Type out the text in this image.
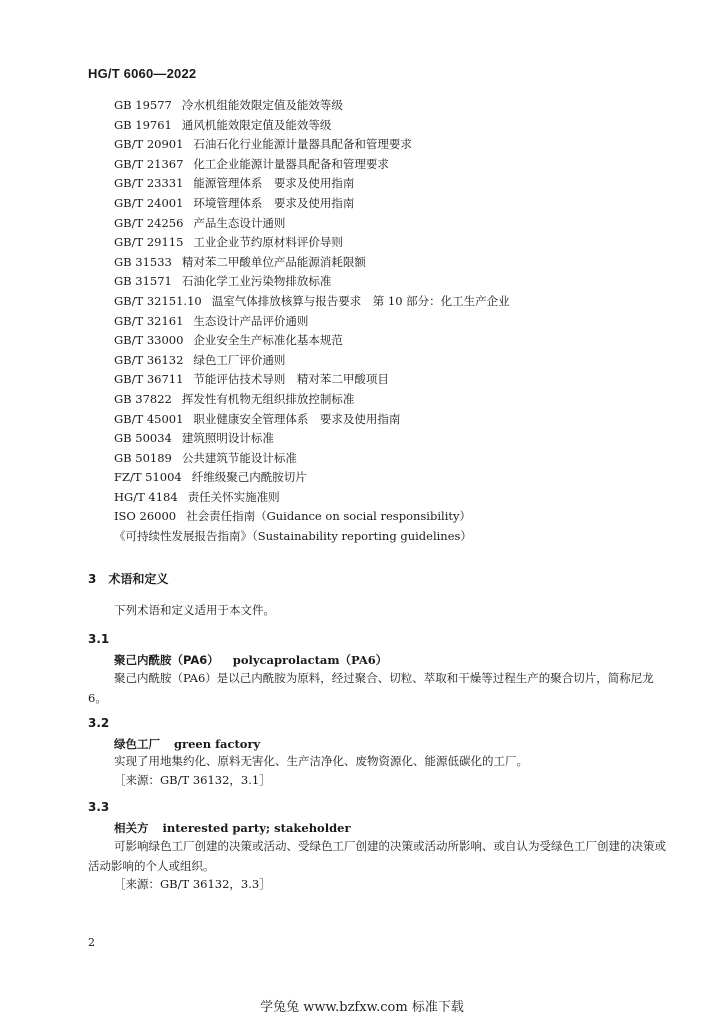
HG/T 6060—2022
GB 19577 冷水机组能效限定值及能效等级
GB 19761 通风机能效限定值及能效等级
GB/T 20901 石油石化行业能源计量器具配备和管理要求
GB/T 21367 化工企业能源计量器具配备和管理要求
GB/T 23331 能源管理体系　要求及使用指南
GB/T 24001 环境管理体系　要求及使用指南
GB/T 24256 产品生态设计通则
GB/T 29115 工业企业节约原材料评价导则
GB 31533 精对苯二甲酸单位产品能源消耗限额
GB 31571 石油化学工业污染物排放标准
GB/T 32151.10 温室气体排放核算与报告要求　第 10 部分：化工生产企业
GB/T 32161 生态设计产品评价通则
GB/T 33000 企业安全生产标准化基本规范
GB/T 36132 绿色工厂评价通则
GB/T 36711 节能评估技术导则　精对苯二甲酸项目
GB 37822 挥发性有机物无组织排放控制标准
GB/T 45001 职业健康安全管理体系　要求及使用指南
GB 50034 建筑照明设计标准
GB 50189 公共建筑节能设计标准
FZ/T 51004 纤维级聚己内酰胺切片
HG/T 4184 责任关怀实施准则
ISO 26000 社会责任指南（Guidance on social responsibility）
《可持续性发展报告指南》（Sustainability reporting guidelines）
3 术语和定义
下列术语和定义适用于本文件。
3.1
聚己内酰胺（PA6） polycaprolactam（PA6）
聚己内酰胺（PA6）是以己内酰胺为原料，经过聚合、切粒、萃取和干燥等过程生产的聚合切片，简称尼龙 6。
3.2
绿色工厂 green factory
实现了用地集约化、原料无害化、生产洁净化、废物资源化、能源低碳化的工厂。
［来源：GB/T 36132，3.1］
3.3
相关方 interested party; stakeholder
可影响绿色工厂创建的决策或活动、受绿色工厂创建的决策或活动所影响、或自认为受绿色工厂创建的决策或活动影响的个人或组织。
［来源：GB/T 36132，3.3］
2
学兔兔 www.bzfxw.com 标准下载
